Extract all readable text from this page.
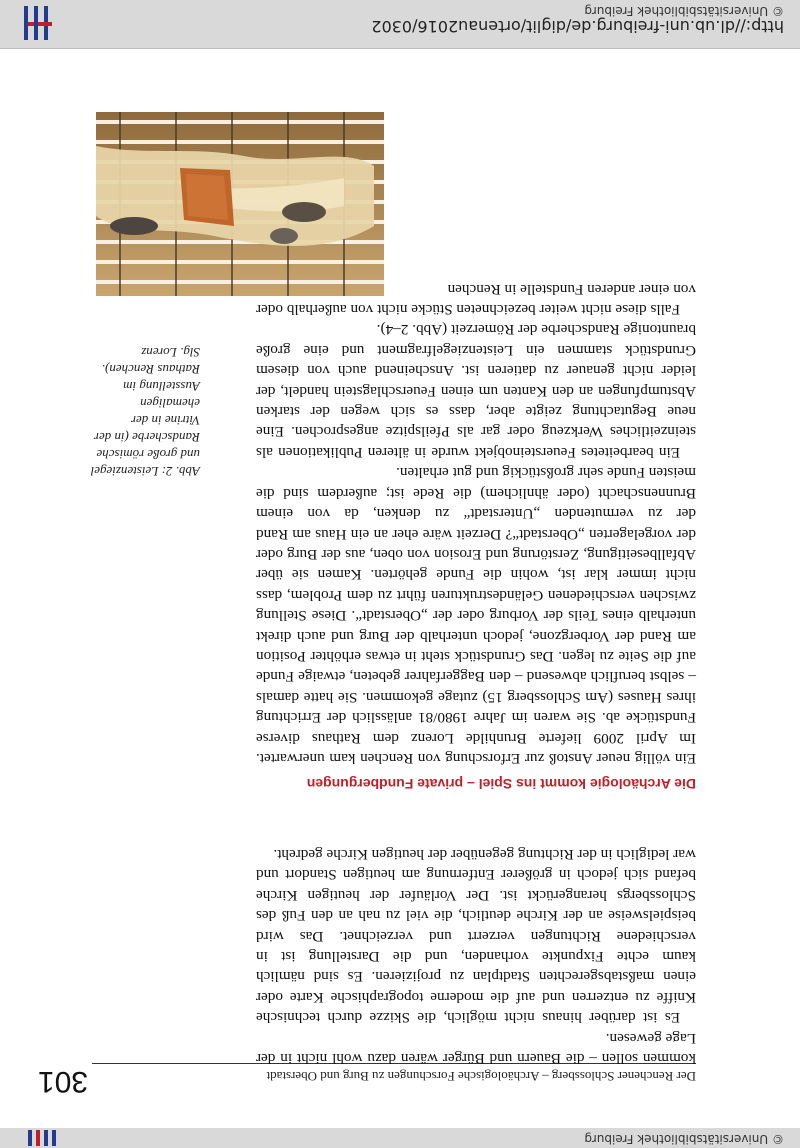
© Universitätsbibliothek Freiburg
Der Renchener Schlossberg – Archäologische Forschungen zu Burg und Oberstadt
301

kommen sollen – die Bauern und Bürger wären dazu wohl nicht in der Lage gewesen.

Es ist darüber hinaus nicht möglich, die Skizze durch technische Kniffe zu entzerren und auf die moderne topographische Karte oder einen maßstabsgerechten Stadtplan zu projizieren. Es sind nämlich kaum echte Fixpunkte vorhanden, und die Darstellung ist in verschiedene Richtungen verzerrt und verzeichnet. Das wird beispielsweise an der Kirche deutlich, die viel zu nah an den Fuß des Schlossbergs herangerückt ist. Der Vorläufer der heutigen Kirche befand sich jedoch in größerer Entfernung am heutigen Standort und war lediglich in der Richtung gegenüber der heutigen Kirche gedreht.

Die Archäologie kommt ins Spiel – private Fundbergungen

Ein völlig neuer Anstoß zur Erforschung von Renchen kam unerwartet. Im April 2009 lieferte Brunhilde Lorenz dem Rathaus diverse Fundstücke ab. Sie waren im Jahre 1980/81 anlässlich der Errichtung ihres Hauses (Am Schlossberg 15) zutage gekommen. Sie hatte damals – selbst beruflich abwesend – den Baggerfahrer gebeten, etwaige Funde auf die Seite zu legen. Das Grundstück steht in etwas erhöhter Position am Rand der Vorbergzone, jedoch unterhalb der Burg und auch direkt unterhalb eines Teils der Vorburg oder der „Oberstadt“. Diese Stellung zwischen verschiedenen Geländestrukturen führt zu dem Problem, dass nicht immer klar ist, wohin die Funde gehörten. Kamen sie über Abfallbeseitigung, Zerstörung und Erosion von oben, aus der Burg oder der vorgelagerten „Oberstadt“? Derzeit wäre eher an ein Haus am Rand der zu vermutenden „Unterstadt“ zu denken, da von einem Brunnenschacht (oder ähnlichem) die Rede ist; außerdem sind die meisten Funde sehr großstückig und gut erhalten.

Ein bearbeitetes Feuersteinobjekt wurde in älteren Publikationen als steinzeitliches Werkzeug oder gar als Pfeilspitze angesprochen. Eine neue Begutachtung zeigte aber, dass es sich wegen der starken Abstumpfungen an den Kanten um einen Feuerschlagstein handelt, der leider nicht genauer zu datieren ist. Anscheinend auch von diesem Grundstück stammen ein Leistenziegelfragment und eine große brauntonige Randscherbe der Römerzeit (Abb. 2–4).

Falls diese nicht weiter bezeichneten Stücke nicht von außerhalb oder von einer anderen Fundstelle in Renchen

Abb. 2: Leistenziegel und große römische Randscherbe (in der Vitrine in der ehemaligen Ausstellung im Rathaus Renchen). Slg. Lorenz
http://dl.ub.uni-freiburg.de/diglit/ortenau2016/0302
© Universitätsbibliothek Freiburg
